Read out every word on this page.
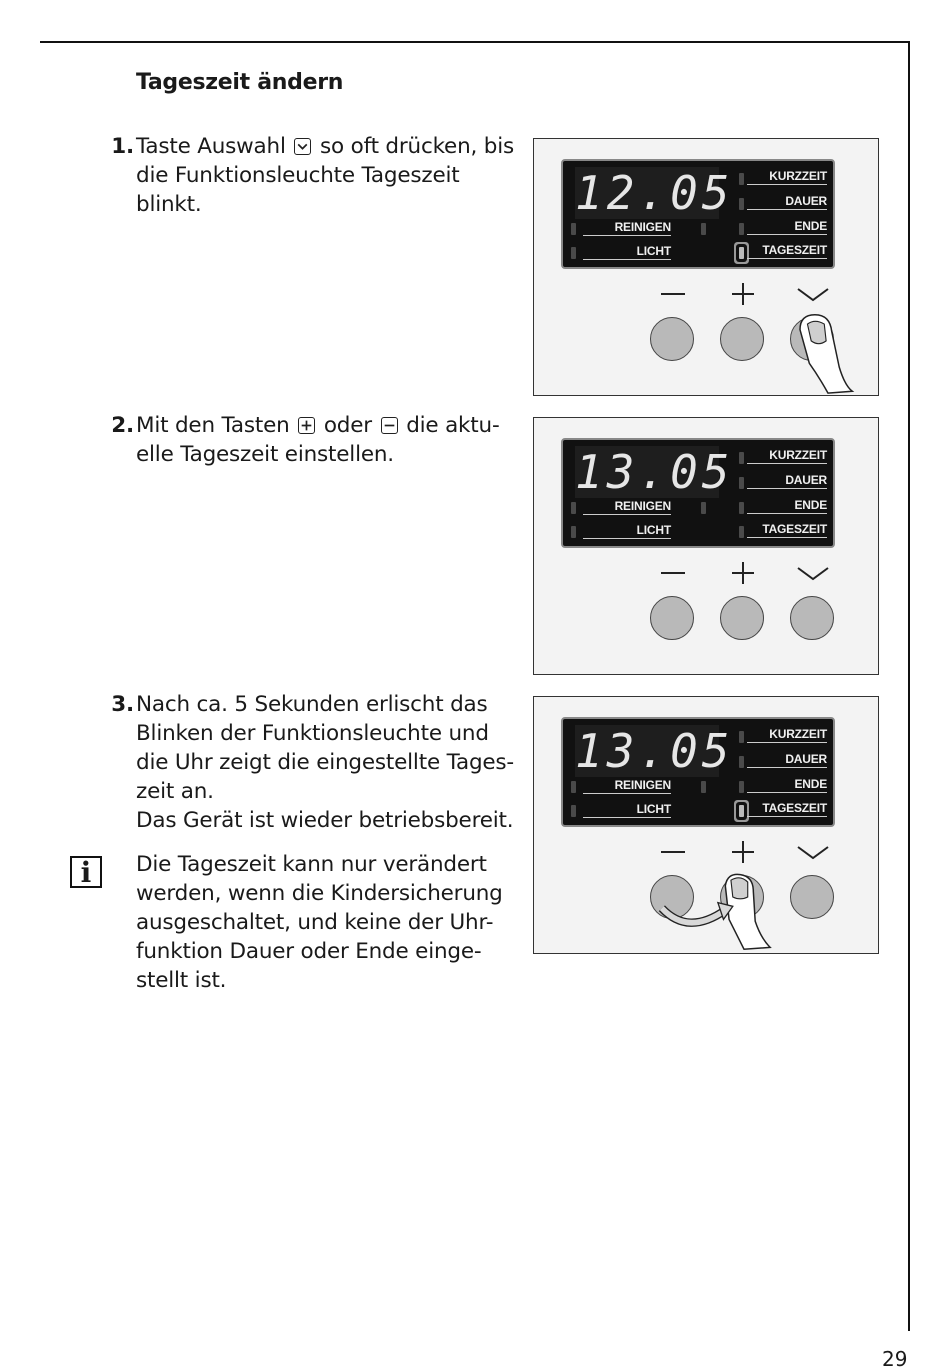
Tageszeit ändern
1. Taste Auswahl so oft drücken, bis
die Funktionsleuchte Tageszeit
blinkt.
2. Mit den Tasten oder die aktu-
elle Tageszeit einstellen.
3. Nach ca. 5 Sekunden erlischt das
Blinken der Funktionsleuchte und
die Uhr zeigt die eingestellte Tages-
zeit an.
Das Gerät ist wieder betriebsbereit.
i	Die Tageszeit kann nur verändert
werden, wenn die Kindersicherung
ausgeschaltet, und keine der Uhr-
funktion Dauer oder Ende einge-
stellt ist.
12.05	KURZZEIT
DAUER
ENDE
TAGESZEIT
REINIGEN
LICHT
13.05	KURZZEIT
DAUER
ENDE
TAGESZEIT
REINIGEN
LICHT
13.05	KURZZEIT
DAUER
ENDE
TAGESZEIT
REINIGEN
LICHT
29
